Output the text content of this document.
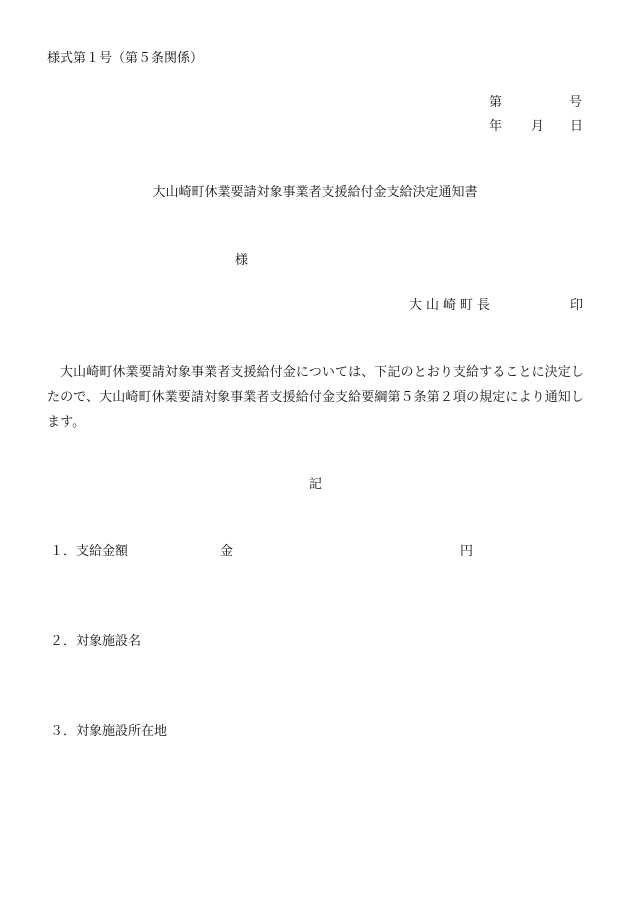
様式第１号（第５条関係）
第	号
年 月 日
大山崎町休業要請対象事業者支援給付金支給決定通知書
様
大山崎町長	印
大山崎町休業要請対象事業者支援給付金については、下記のとおり支給することに決定したので、大山崎町休業要請対象事業者支援給付金支給要綱第５条第２項の規定により通知します。
記
１．支給金額	金	円
２．対象施設名
３．対象施設所在地
